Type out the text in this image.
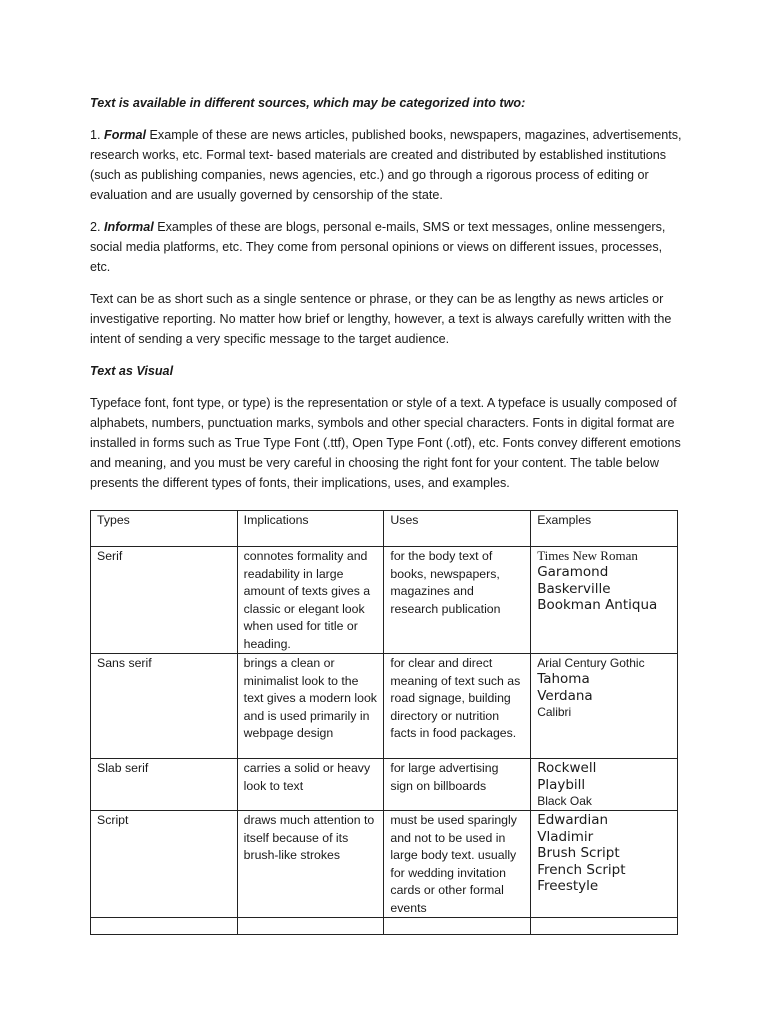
Text is available in different sources, which may be categorized into two:

1. Formal Example of these are news articles, published books, newspapers, magazines, advertisements, research works, etc. Formal text- based materials are created and distributed by established institutions (such as publishing companies, news agencies, etc.) and go through a rigorous process of editing or evaluation and are usually governed by censorship of the state.

2. Informal Examples of these are blogs, personal e-mails, SMS or text messages, online messengers, social media platforms, etc. They come from personal opinions or views on different issues, processes, etc.

Text can be as short such as a single sentence or phrase, or they can be as lengthy as news articles or investigative reporting. No matter how brief or lengthy, however, a text is always carefully written with the intent of sending a very specific message to the target audience.

Text as Visual

Typeface font, font type, or type) is the representation or style of a text. A typeface is usually composed of alphabets, numbers, punctuation marks, symbols and other special characters. Fonts in digital format are installed in forms such as True Type Font (.ttf), Open Type Font (.otf), etc. Fonts convey different emotions and meaning, and you must be very careful in choosing the right font for your content. The table below presents the different types of fonts, their implications, uses, and examples.

Types	Implications	Uses	Examples
Serif	connotes formality and readability in large amount of texts gives a classic or elegant look when used for title or heading.	for the body text of books, newspapers, magazines and research publication	Times New Roman
Garamond
Baskerville
Bookman Antiqua

Sans serif	brings a clean or minimalist look to the text gives a modern look and is used primarily in webpage design	for clear and direct meaning of text such as road signage, building directory or nutrition facts in food packages.	Arial Century Gothic
Tahoma
Verdana
Calibri

Slab serif	carries a solid or heavy look to text	for large advertising sign on billboards	Rockwell
Playbill
Black Oak

Script	draws much attention to itself because of its brush-like strokes	must be used sparingly and not to be used in large body text. usually for wedding invitation cards or other formal events	Edwardian
Vladimir
Brush Script
French Script
Freestyle
